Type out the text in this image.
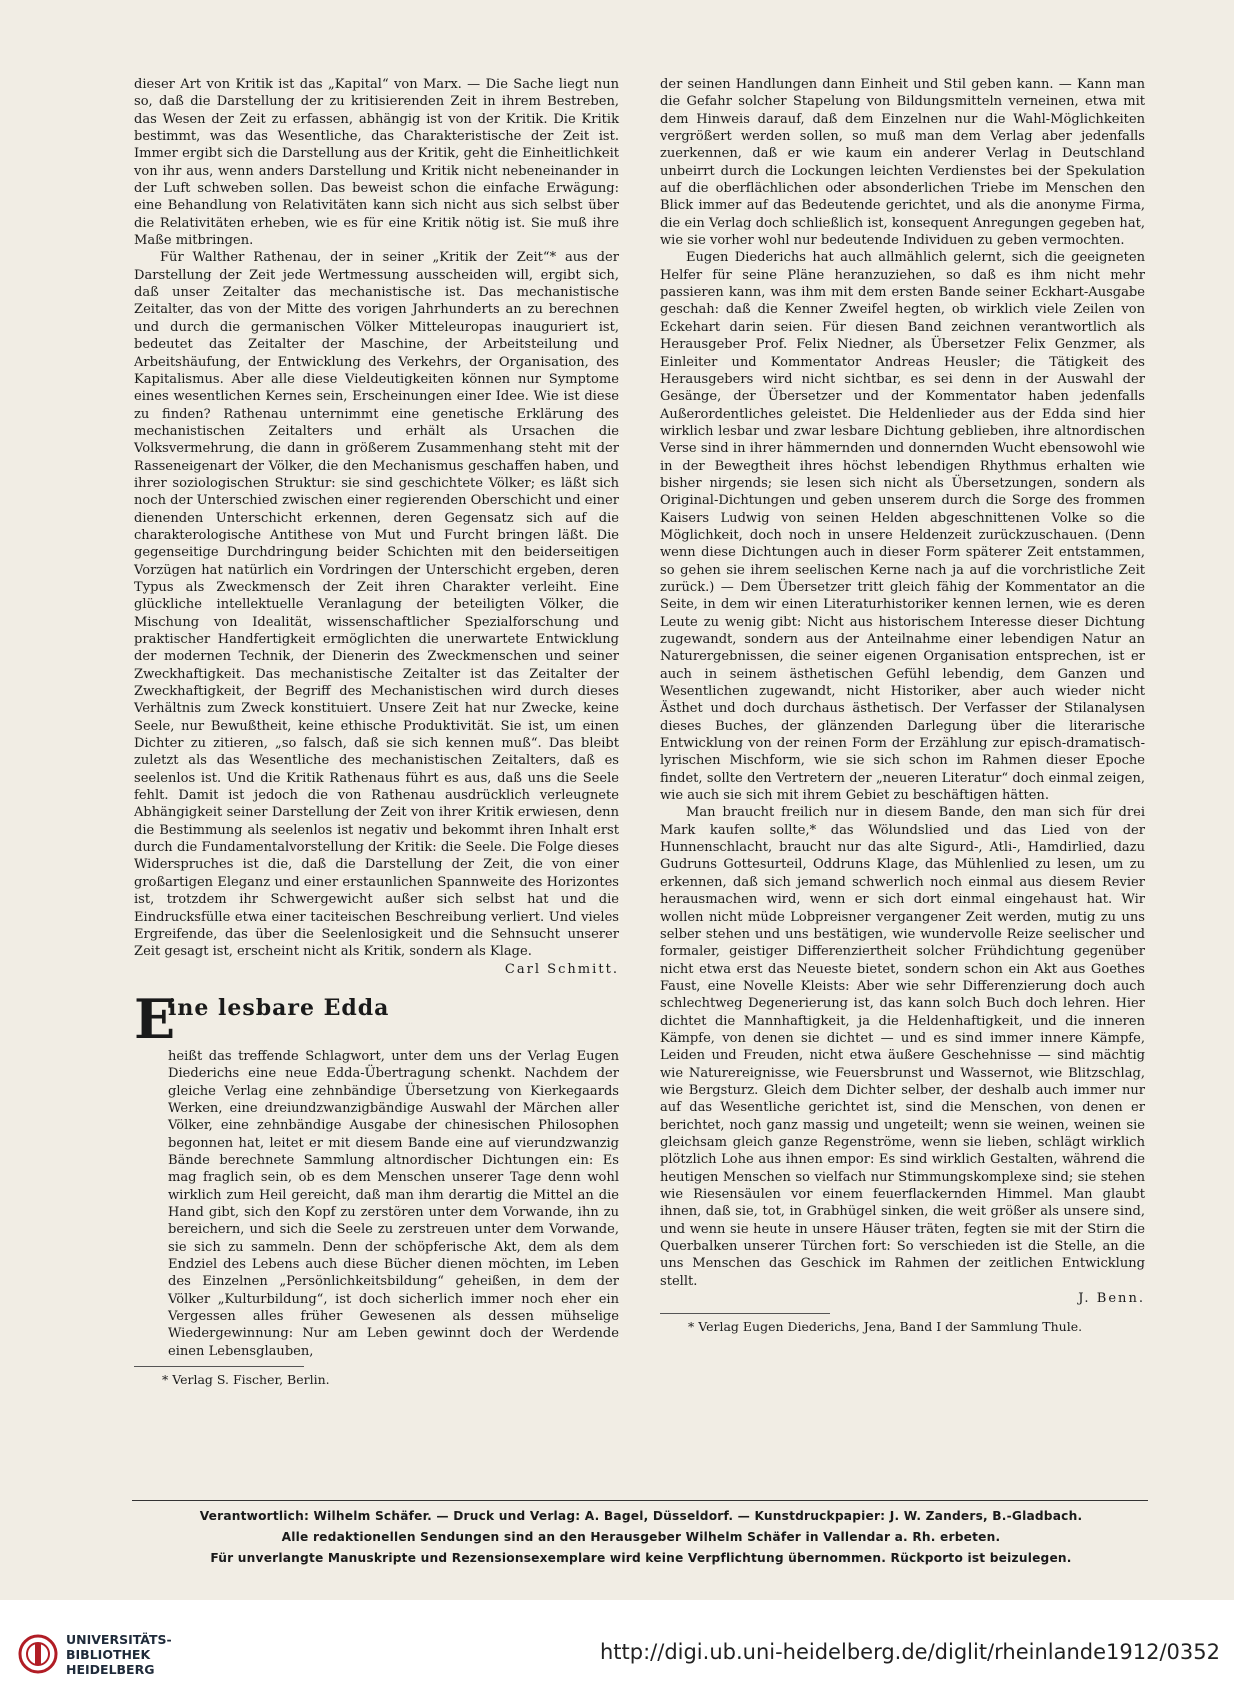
dieser Art von Kritik ist das „Kapital“ von Marx. — Die Sache liegt nun so, daß die Darstellung der zu kritisierenden Zeit in ihrem Bestreben, das Wesen der Zeit zu erfassen, abhängig ist von der Kritik. Die Kritik bestimmt, was das Wesentliche, das Charakteristische der Zeit ist. Immer ergibt sich die Darstellung aus der Kritik, geht die Einheitlichkeit von ihr aus, wenn anders Darstellung und Kritik nicht nebeneinander in der Luft schweben sollen. Das beweist schon die einfache Erwägung: eine Behandlung von Relativitäten kann sich nicht aus sich selbst über die Relativitäten erheben, wie es für eine Kritik nötig ist. Sie muß ihre Maße mitbringen.

Für Walther Rathenau, der in seiner „Kritik der Zeit“* aus der Darstellung der Zeit jede Wertmessung ausscheiden will, ergibt sich, daß unser Zeitalter das mechanistische ist. Das mechanistische Zeitalter, das von der Mitte des vorigen Jahrhunderts an zu berechnen und durch die germanischen Völker Mitteleuropas inauguriert ist, bedeutet das Zeitalter der Maschine, der Arbeitsteilung und Arbeitshäufung, der Entwicklung des Verkehrs, der Organisation, des Kapitalismus. Aber alle diese Vieldeutigkeiten können nur Symptome eines wesentlichen Kernes sein, Erscheinungen einer Idee. Wie ist diese zu finden? Rathenau unternimmt eine genetische Erklärung des mechanistischen Zeitalters und erhält als Ursachen die Volksvermehrung, die dann in größerem Zusammenhang steht mit der Rasseneigenart der Völker, die den Mechanismus geschaffen haben, und ihrer soziologischen Struktur: sie sind geschichtete Völker; es läßt sich noch der Unterschied zwischen einer regierenden Oberschicht und einer dienenden Unterschicht erkennen, deren Gegensatz sich auf die charakterologische Antithese von Mut und Furcht bringen läßt. Die gegenseitige Durchdringung beider Schichten mit den beiderseitigen Vorzügen hat natürlich ein Vordringen der Unterschicht ergeben, deren Typus als Zweckmensch der Zeit ihren Charakter verleiht. Eine glückliche intellektuelle Veranlagung der beteiligten Völker, die Mischung von Idealität, wissenschaftlicher Spezialforschung und praktischer Handfertigkeit ermöglichten die unerwartete Entwicklung der modernen Technik, der Dienerin des Zweckmenschen und seiner Zweckhaftigkeit. Das mechanistische Zeitalter ist das Zeitalter der Zweckhaftigkeit, der Begriff des Mechanistischen wird durch dieses Verhältnis zum Zweck konstituiert. Unsere Zeit hat nur Zwecke, keine Seele, nur Bewußtheit, keine ethische Produktivität. Sie ist, um einen Dichter zu zitieren, „so falsch, daß sie sich kennen muß“. Das bleibt zuletzt als das Wesentliche des mechanistischen Zeitalters, daß es seelenlos ist. Und die Kritik Rathenaus führt es aus, daß uns die Seele fehlt. Damit ist jedoch die von Rathenau ausdrücklich verleugnete Abhängigkeit seiner Darstellung der Zeit von ihrer Kritik erwiesen, denn die Bestimmung als seelenlos ist negativ und bekommt ihren Inhalt erst durch die Fundamentalvorstellung der Kritik: die Seele. Die Folge dieses Widerspruches ist die, daß die Darstellung der Zeit, die von einer großartigen Eleganz und einer erstaunlichen Spannweite des Horizontes ist, trotzdem ihr Schwergewicht außer sich selbst hat und die Eindrucksfülle etwa einer taciteischen Beschreibung verliert. Und vieles Ergreifende, das über die Seelenlosigkeit und die Sehnsucht unserer Zeit gesagt ist, erscheint nicht als Kritik, sondern als Klage.

Carl Schmitt.
E
ine lesbare Edda

heißt das treffende Schlagwort, unter dem uns der Verlag Eugen Diederichs eine neue Edda-Übertragung schenkt. Nachdem der gleiche Verlag eine zehnbändige Übersetzung von Kierkegaards Werken, eine dreiundzwanzigbändige Auswahl der Märchen aller Völker, eine zehnbändige Ausgabe der chinesischen Philosophen begonnen hat, leitet er mit diesem Bande eine auf vierundzwanzig Bände berechnete Sammlung altnordischer Dichtungen ein: Es mag fraglich sein, ob es dem Menschen unserer Tage denn wohl wirklich zum Heil gereicht, daß man ihm derartig die Mittel an die Hand gibt, sich den Kopf zu zerstören unter dem Vorwande, ihn zu bereichern, und sich die Seele zu zerstreuen unter dem Vorwande, sie sich zu sammeln. Denn der schöpferische Akt, dem als dem Endziel des Lebens auch diese Bücher dienen möchten, im Leben des Einzelnen „Persönlichkeitsbildung“ geheißen, in dem der Völker „Kulturbildung“, ist doch sicherlich immer noch eher ein Vergessen alles früher Gewesenen als dessen mühselige Wiedergewinnung: Nur am Leben gewinnt doch der Werdende einen Lebensglauben,

* Verlag S. Fischer, Berlin.

der seinen Handlungen dann Einheit und Stil geben kann. — Kann man die Gefahr solcher Stapelung von Bildungsmitteln verneinen, etwa mit dem Hinweis darauf, daß dem Einzelnen nur die Wahl-Möglichkeiten vergrößert werden sollen, so muß man dem Verlag aber jedenfalls zuerkennen, daß er wie kaum ein anderer Verlag in Deutschland unbeirrt durch die Lockungen leichten Verdienstes bei der Spekulation auf die oberflächlichen oder absonderlichen Triebe im Menschen den Blick immer auf das Bedeutende gerichtet, und als die anonyme Firma, die ein Verlag doch schließlich ist, konsequent Anregungen gegeben hat, wie sie vorher wohl nur bedeutende Individuen zu geben vermochten.

Eugen Diederichs hat auch allmählich gelernt, sich die geeigneten Helfer für seine Pläne heranzuziehen, so daß es ihm nicht mehr passieren kann, was ihm mit dem ersten Bande seiner Eckhart-Ausgabe geschah: daß die Kenner Zweifel hegten, ob wirklich viele Zeilen von Eckehart darin seien. Für diesen Band zeichnen verantwortlich als Herausgeber Prof. Felix Niedner, als Übersetzer Felix Genzmer, als Einleiter und Kommentator Andreas Heusler; die Tätigkeit des Herausgebers wird nicht sichtbar, es sei denn in der Auswahl der Gesänge, der Übersetzer und der Kommentator haben jedenfalls Außerordentliches geleistet. Die Heldenlieder aus der Edda sind hier wirklich lesbar und zwar lesbare Dichtung geblieben, ihre altnordischen Verse sind in ihrer hämmernden und donnernden Wucht ebensowohl wie in der Bewegtheit ihres höchst lebendigen Rhythmus erhalten wie bisher nirgends; sie lesen sich nicht als Übersetzungen, sondern als Original-Dichtungen und geben unserem durch die Sorge des frommen Kaisers Ludwig von seinen Helden abgeschnittenen Volke so die Möglichkeit, doch noch in unsere Heldenzeit zurückzuschauen. (Denn wenn diese Dichtungen auch in dieser Form späterer Zeit entstammen, so gehen sie ihrem seelischen Kerne nach ja auf die vorchristliche Zeit zurück.) — Dem Übersetzer tritt gleich fähig der Kommentator an die Seite, in dem wir einen Literaturhistoriker kennen lernen, wie es deren Leute zu wenig gibt: Nicht aus historischem Interesse dieser Dichtung zugewandt, sondern aus der Anteilnahme einer lebendigen Natur an Naturergebnissen, die seiner eigenen Organisation entsprechen, ist er auch in seinem ästhetischen Gefühl lebendig, dem Ganzen und Wesentlichen zugewandt, nicht Historiker, aber auch wieder nicht Ästhet und doch durchaus ästhetisch. Der Verfasser der Stilanalysen dieses Buches, der glänzenden Darlegung über die literarische Entwicklung von der reinen Form der Erzählung zur episch-dramatisch-lyrischen Mischform, wie sie sich schon im Rahmen dieser Epoche findet, sollte den Vertretern der „neueren Literatur“ doch einmal zeigen, wie auch sie sich mit ihrem Gebiet zu beschäftigen hätten.

Man braucht freilich nur in diesem Bande, den man sich für drei Mark kaufen sollte,* das Wölundslied und das Lied von der Hunnenschlacht, braucht nur das alte Sigurd-, Atli-, Hamdirlied, dazu Gudruns Gottesurteil, Oddruns Klage, das Mühlenlied zu lesen, um zu erkennen, daß sich jemand schwerlich noch einmal aus diesem Revier herausmachen wird, wenn er sich dort einmal eingehaust hat. Wir wollen nicht müde Lobpreisner vergangener Zeit werden, mutig zu uns selber stehen und uns bestätigen, wie wundervolle Reize seelischer und formaler, geistiger Differenziertheit solcher Frühdichtung gegenüber nicht etwa erst das Neueste bietet, sondern schon ein Akt aus Goethes Faust, eine Novelle Kleists: Aber wie sehr Differenzierung doch auch schlechtweg Degenerierung ist, das kann solch Buch doch lehren. Hier dichtet die Mannhaftigkeit, ja die Heldenhaftigkeit, und die inneren Kämpfe, von denen sie dichtet — und es sind immer innere Kämpfe, Leiden und Freuden, nicht etwa äußere Geschehnisse — sind mächtig wie Naturereignisse, wie Feuersbrunst und Wassernot, wie Blitzschlag, wie Bergsturz. Gleich dem Dichter selber, der deshalb auch immer nur auf das Wesentliche gerichtet ist, sind die Menschen, von denen er berichtet, noch ganz massig und ungeteilt; wenn sie weinen, weinen sie gleichsam gleich ganze Regenströme, wenn sie lieben, schlägt wirklich plötzlich Lohe aus ihnen empor: Es sind wirklich Gestalten, während die heutigen Menschen so vielfach nur Stimmungskomplexe sind; sie stehen wie Riesensäulen vor einem feuerflackernden Himmel. Man glaubt ihnen, daß sie, tot, in Grabhügel sinken, die weit größer als unsere sind, und wenn sie heute in unsere Häuser träten, fegten sie mit der Stirn die Querbalken unserer Türchen fort: So verschieden ist die Stelle, an die uns Menschen das Geschick im Rahmen der zeitlichen Entwicklung stellt.

J. Benn.

* Verlag Eugen Diederichs, Jena, Band I der Sammlung Thule.

Verantwortlich: Wilhelm Schäfer. — Druck und Verlag: A. Bagel, Düsseldorf. — Kunstdruckpapier: J. W. Zanders, B.-Gladbach.
Alle redaktionellen Sendungen sind an den Herausgeber Wilhelm Schäfer in Vallendar a. Rh. erbeten.
Für unverlangte Manuskripte und Rezensionsexemplare wird keine Verpflichtung übernommen. Rückporto ist beizulegen.
UNIVERSITÄTS-
BIBLIOTHEK
HEIDELBERG
http://digi.ub.uni-heidelberg.de/diglit/rheinlande1912/0352
